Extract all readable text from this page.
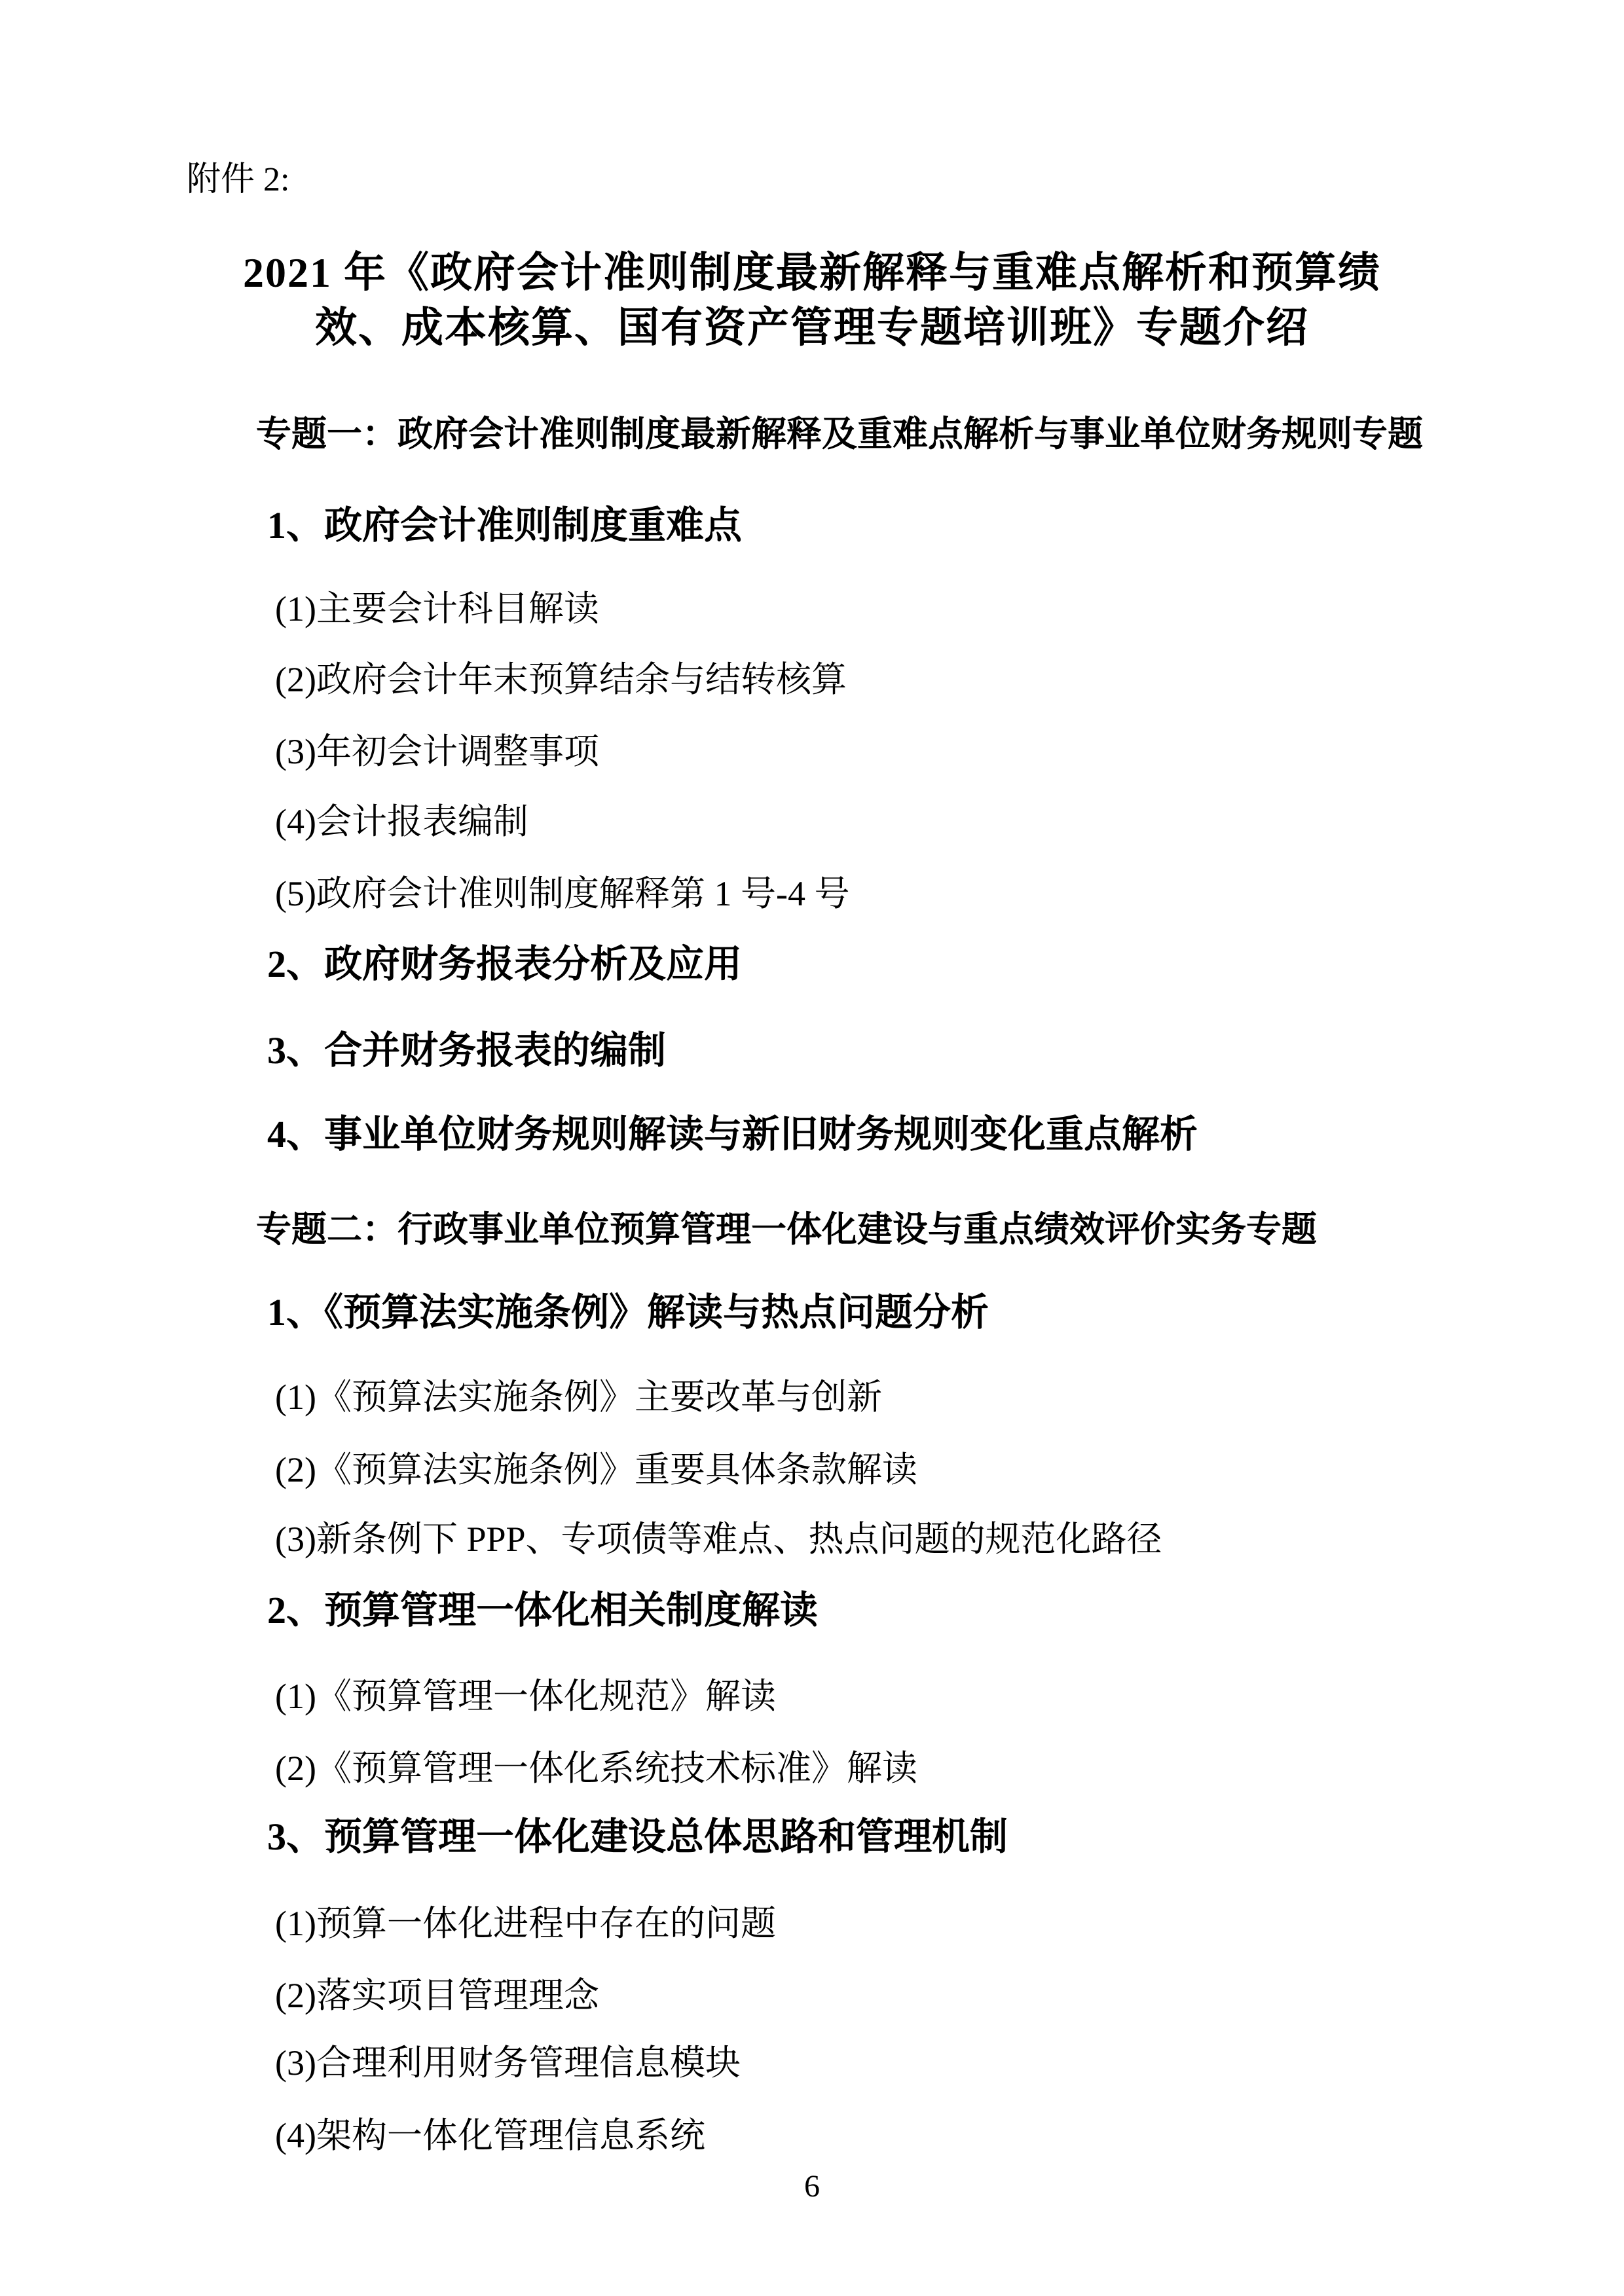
附件 2:
2021 年《政府会计准则制度最新解释与重难点解析和预算绩
效、成本核算、国有资产管理专题培训班》专题介绍
专题一：政府会计准则制度最新解释及重难点解析与事业单位财务规则专题
1、政府会计准则制度重难点
(1)主要会计科目解读
(2)政府会计年末预算结余与结转核算
(3)年初会计调整事项
(4)会计报表编制
(5)政府会计准则制度解释第 1 号-4 号
2、政府财务报表分析及应用
3、合并财务报表的编制
4、事业单位财务规则解读与新旧财务规则变化重点解析
专题二：行政事业单位预算管理一体化建设与重点绩效评价实务专题
1、《预算法实施条例》解读与热点问题分析
(1)《预算法实施条例》主要改革与创新
(2)《预算法实施条例》重要具体条款解读
(3)新条例下 PPP、专项债等难点、热点问题的规范化路径
2、预算管理一体化相关制度解读
(1)《预算管理一体化规范》解读
(2)《预算管理一体化系统技术标准》解读
3、预算管理一体化建设总体思路和管理机制
(1)预算一体化进程中存在的问题
(2)落实项目管理理念
(3)合理利用财务管理信息模块
(4)架构一体化管理信息系统
6
